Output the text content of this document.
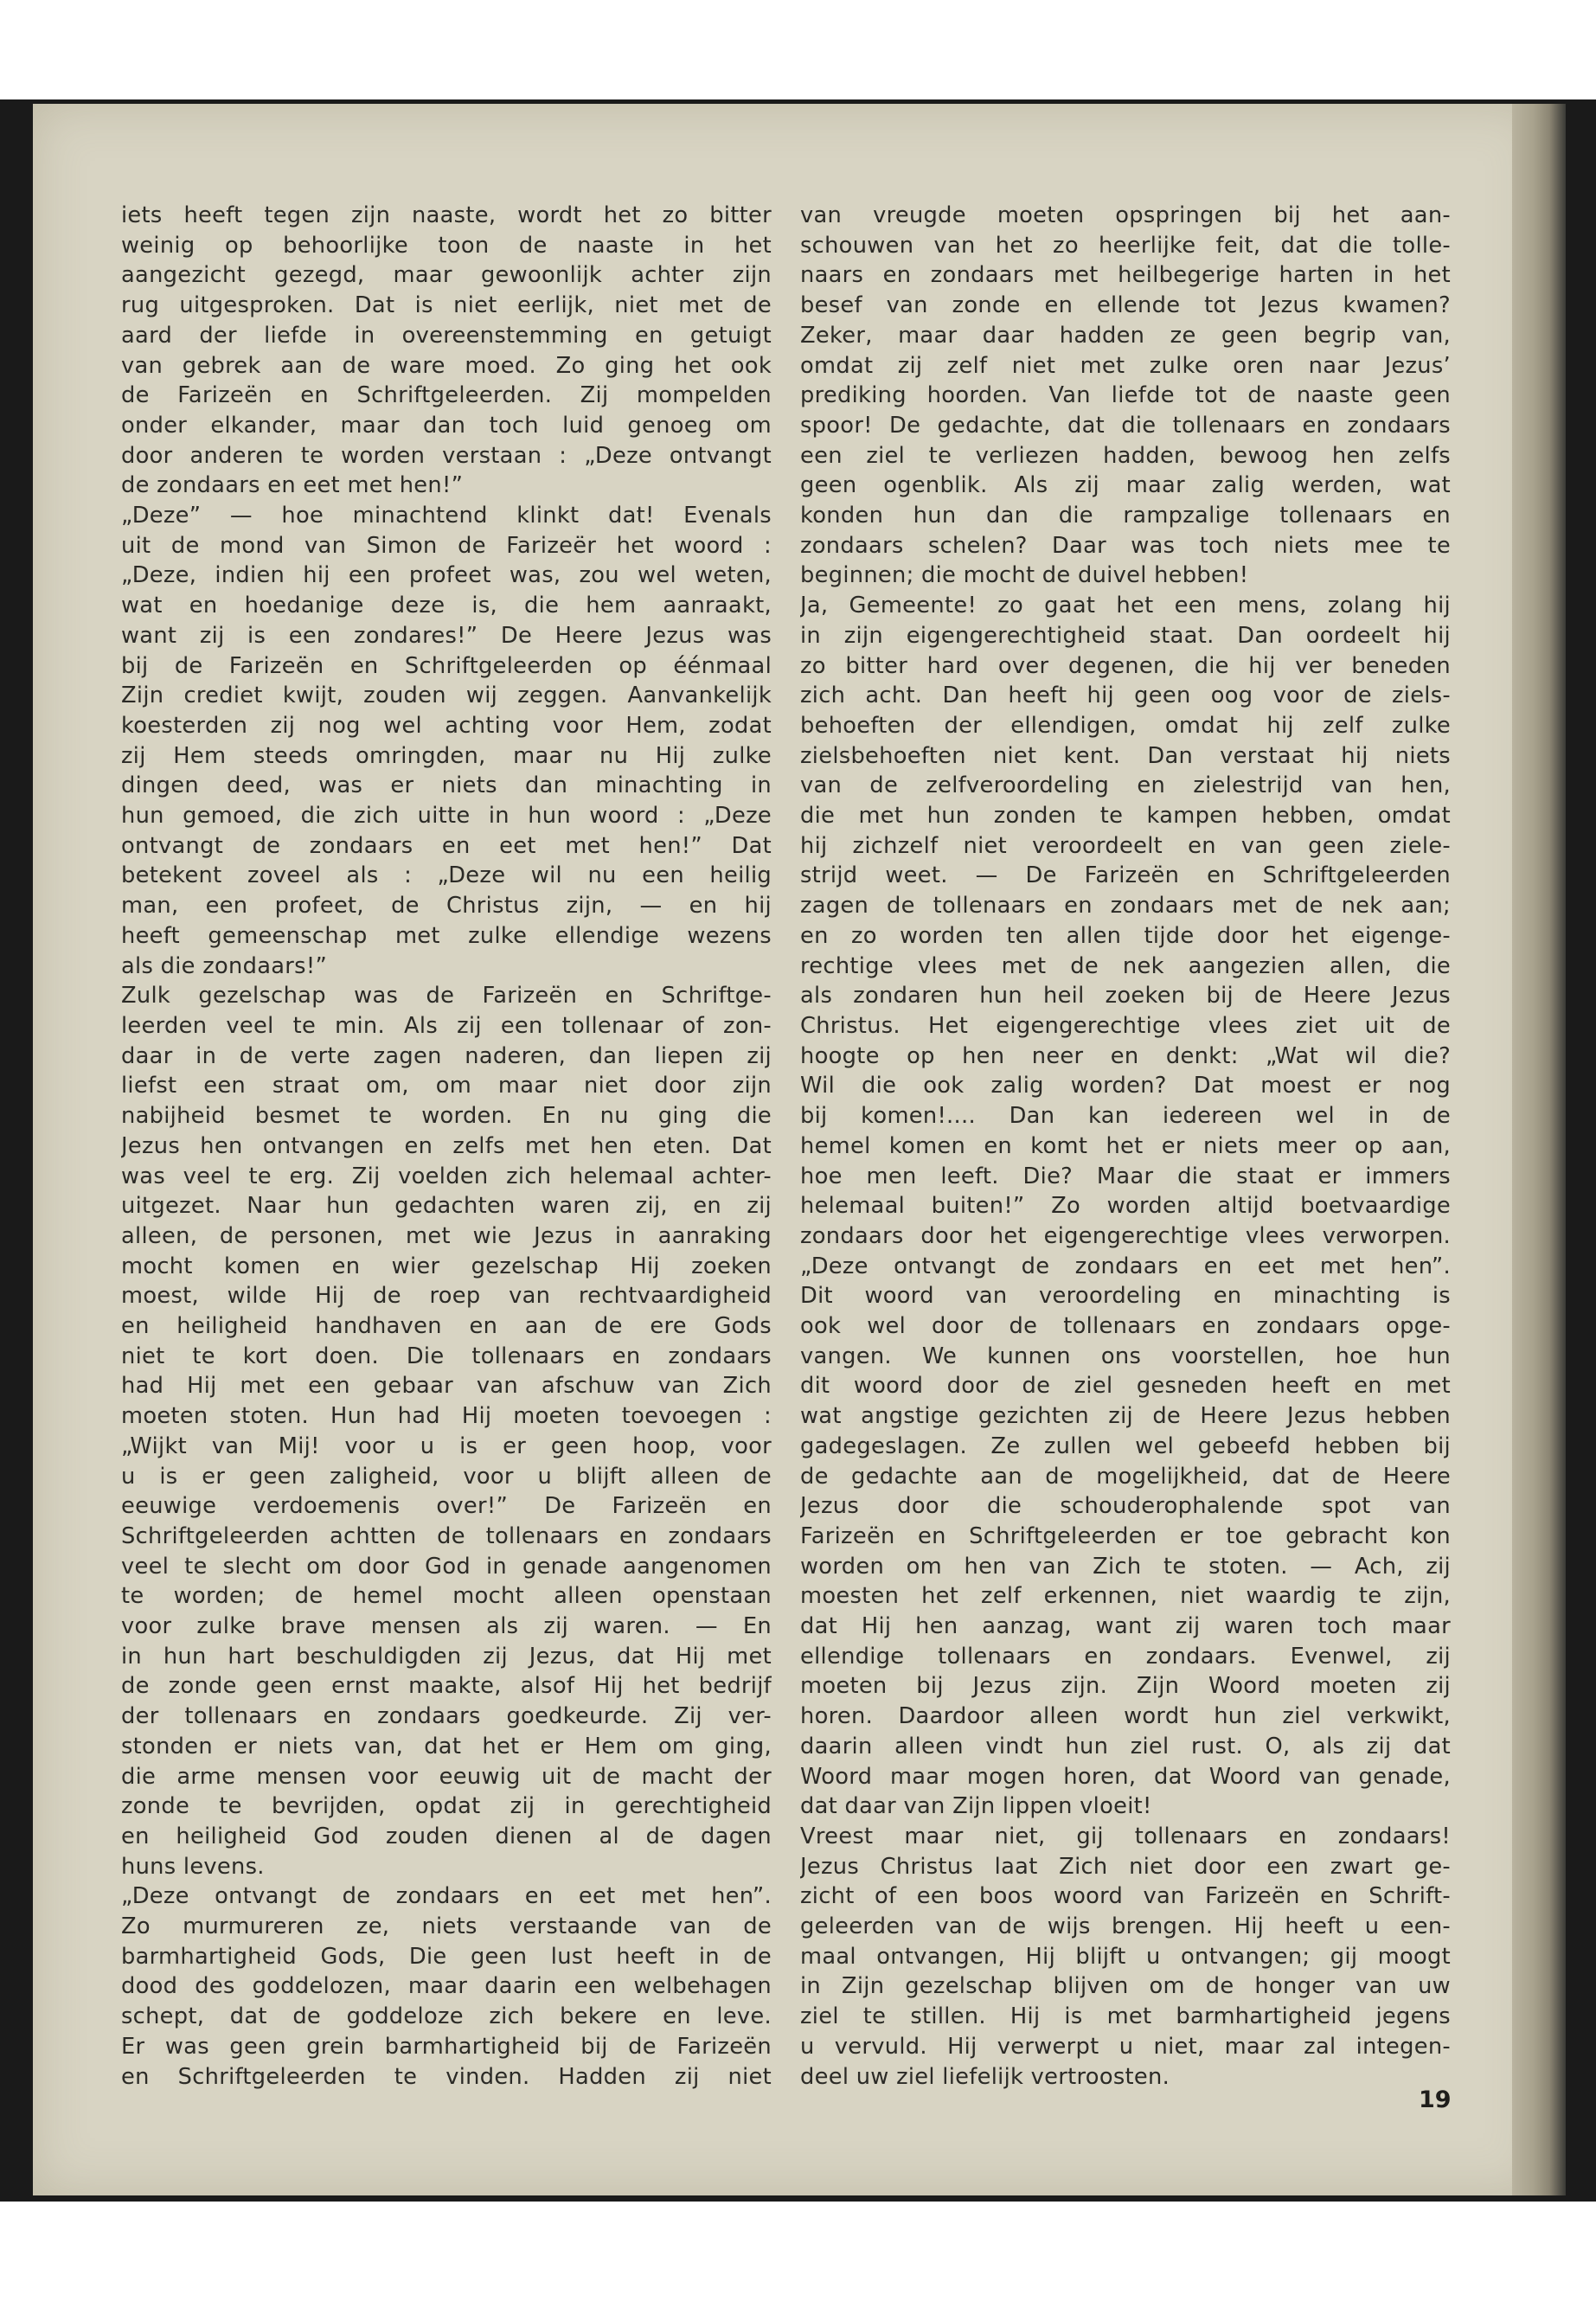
iets heeft tegen zijn naaste, wordt het zo bitter
weinig op behoorlijke toon de naaste in het
aangezicht gezegd, maar gewoonlijk achter zijn
rug uitgesproken. Dat is niet eerlijk, niet met de
aard der liefde in overeenstemming en getuigt
van gebrek aan de ware moed. Zo ging het ook
de Farizeën en Schriftgeleerden. Zij mompelden
onder elkander, maar dan toch luid genoeg om
door anderen te worden verstaan : „Deze ontvangt
de zondaars en eet met hen!”
„Deze” — hoe minachtend klinkt dat! Evenals
uit de mond van Simon de Farizeër het woord :
„Deze, indien hij een profeet was, zou wel weten,
wat en hoedanige deze is, die hem aanraakt,
want zij is een zondares!” De Heere Jezus was
bij de Farizeën en Schriftgeleerden op éénmaal
Zijn crediet kwijt, zouden wij zeggen. Aanvankelijk
koesterden zij nog wel achting voor Hem, zodat
zij Hem steeds omringden, maar nu Hij zulke
dingen deed, was er niets dan minachting in
hun gemoed, die zich uitte in hun woord : „Deze
ontvangt de zondaars en eet met hen!” Dat
betekent zoveel als : „Deze wil nu een heilig
man, een profeet, de Christus zijn, — en hij
heeft gemeenschap met zulke ellendige wezens
als die zondaars!”
Zulk gezelschap was de Farizeën en Schriftge-
leerden veel te min. Als zij een tollenaar of zon-
daar in de verte zagen naderen, dan liepen zij
liefst een straat om, om maar niet door zijn
nabijheid besmet te worden. En nu ging die
Jezus hen ontvangen en zelfs met hen eten. Dat
was veel te erg. Zij voelden zich helemaal achter-
uitgezet. Naar hun gedachten waren zij, en zij
alleen, de personen, met wie Jezus in aanraking
mocht komen en wier gezelschap Hij zoeken
moest, wilde Hij de roep van rechtvaardigheid
en heiligheid handhaven en aan de ere Gods
niet te kort doen. Die tollenaars en zondaars
had Hij met een gebaar van afschuw van Zich
moeten stoten. Hun had Hij moeten toevoegen :
„Wijkt van Mij! voor u is er geen hoop, voor
u is er geen zaligheid, voor u blijft alleen de
eeuwige verdoemenis over!” De Farizeën en
Schriftgeleerden achtten de tollenaars en zondaars
veel te slecht om door God in genade aangenomen
te worden; de hemel mocht alleen openstaan
voor zulke brave mensen als zij waren. — En
in hun hart beschuldigden zij Jezus, dat Hij met
de zonde geen ernst maakte, alsof Hij het bedrijf
der tollenaars en zondaars goedkeurde. Zij ver-
stonden er niets van, dat het er Hem om ging,
die arme mensen voor eeuwig uit de macht der
zonde te bevrijden, opdat zij in gerechtigheid
en heiligheid God zouden dienen al de dagen
huns levens.
„Deze ontvangt de zondaars en eet met hen”.
Zo murmureren ze, niets verstaande van de
barmhartigheid Gods, Die geen lust heeft in de
dood des goddelozen, maar daarin een welbehagen
schept, dat de goddeloze zich bekere en leve.
Er was geen grein barmhartigheid bij de Farizeën
en Schriftgeleerden te vinden. Hadden zij niet
van vreugde moeten opspringen bij het aan-
schouwen van het zo heerlijke feit, dat die tolle-
naars en zondaars met heilbegerige harten in het
besef van zonde en ellende tot Jezus kwamen?
Zeker, maar daar hadden ze geen begrip van,
omdat zij zelf niet met zulke oren naar Jezus’
prediking hoorden. Van liefde tot de naaste geen
spoor! De gedachte, dat die tollenaars en zondaars
een ziel te verliezen hadden, bewoog hen zelfs
geen ogenblik. Als zij maar zalig werden, wat
konden hun dan die rampzalige tollenaars en
zondaars schelen? Daar was toch niets mee te
beginnen; die mocht de duivel hebben!
Ja, Gemeente! zo gaat het een mens, zolang hij
in zijn eigengerechtigheid staat. Dan oordeelt hij
zo bitter hard over degenen, die hij ver beneden
zich acht. Dan heeft hij geen oog voor de ziels-
behoeften der ellendigen, omdat hij zelf zulke
zielsbehoeften niet kent. Dan verstaat hij niets
van de zelfveroordeling en zielestrijd van hen,
die met hun zonden te kampen hebben, omdat
hij zichzelf niet veroordeelt en van geen ziele-
strijd weet. — De Farizeën en Schriftgeleerden
zagen de tollenaars en zondaars met de nek aan;
en zo worden ten allen tijde door het eigenge-
rechtige vlees met de nek aangezien allen, die
als zondaren hun heil zoeken bij de Heere Jezus
Christus. Het eigengerechtige vlees ziet uit de
hoogte op hen neer en denkt: „Wat wil die?
Wil die ook zalig worden? Dat moest er nog
bij komen!.... Dan kan iedereen wel in de
hemel komen en komt het er niets meer op aan,
hoe men leeft. Die? Maar die staat er immers
helemaal buiten!” Zo worden altijd boetvaardige
zondaars door het eigengerechtige vlees verworpen.
„Deze ontvangt de zondaars en eet met hen”.
Dit woord van veroordeling en minachting is
ook wel door de tollenaars en zondaars opge-
vangen. We kunnen ons voorstellen, hoe hun
dit woord door de ziel gesneden heeft en met
wat angstige gezichten zij de Heere Jezus hebben
gadegeslagen. Ze zullen wel gebeefd hebben bij
de gedachte aan de mogelijkheid, dat de Heere
Jezus door die schouderophalende spot van
Farizeën en Schriftgeleerden er toe gebracht kon
worden om hen van Zich te stoten. — Ach, zij
moesten het zelf erkennen, niet waardig te zijn,
dat Hij hen aanzag, want zij waren toch maar
ellendige tollenaars en zondaars. Evenwel, zij
moeten bij Jezus zijn. Zijn Woord moeten zij
horen. Daardoor alleen wordt hun ziel verkwikt,
daarin alleen vindt hun ziel rust. O, als zij dat
Woord maar mogen horen, dat Woord van genade,
dat daar van Zijn lippen vloeit!
Vreest maar niet, gij tollenaars en zondaars!
Jezus Christus laat Zich niet door een zwart ge-
zicht of een boos woord van Farizeën en Schrift-
geleerden van de wijs brengen. Hij heeft u een-
maal ontvangen, Hij blijft u ontvangen; gij moogt
in Zijn gezelschap blijven om de honger van uw
ziel te stillen. Hij is met barmhartigheid jegens
u vervuld. Hij verwerpt u niet, maar zal integen-
deel uw ziel liefelijk vertroosten.
19
